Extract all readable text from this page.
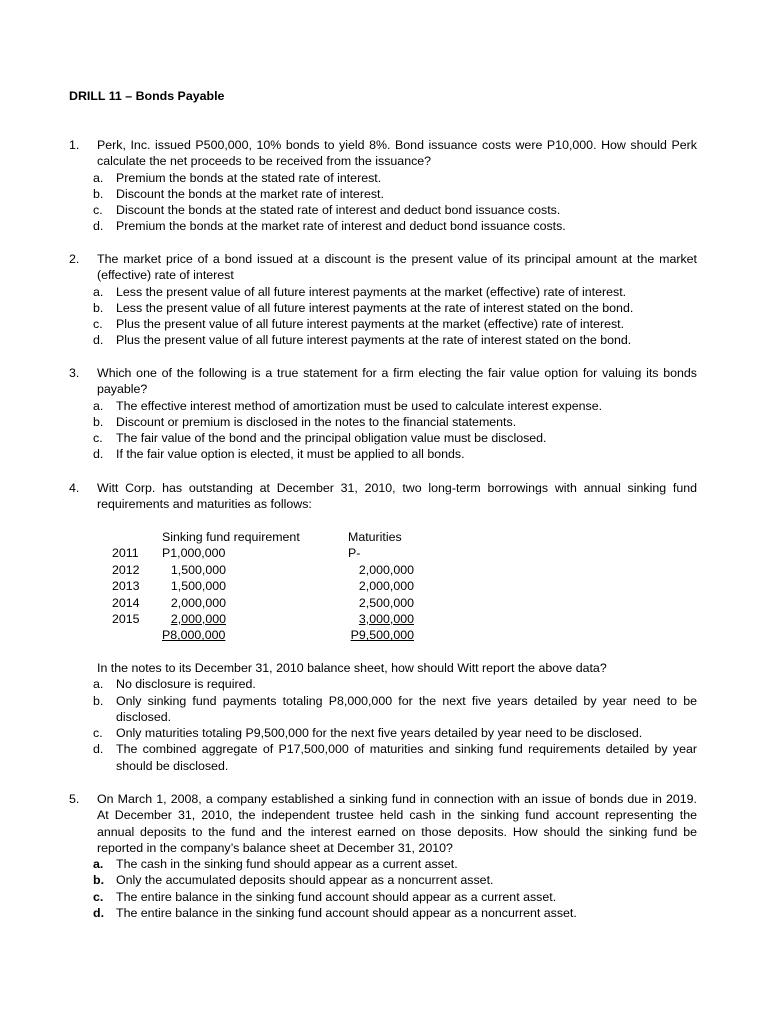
DRILL 11 – Bonds Payable
1.	Perk, Inc. issued P500,000, 10% bonds to yield 8%. Bond issuance costs were P10,000. How should Perk calculate the net proceeds to be received from the issuance?
a.	Premium the bonds at the stated rate of interest.
b.	Discount the bonds at the market rate of interest.
c.	Discount the bonds at the stated rate of interest and deduct bond issuance costs.
d.	Premium the bonds at the market rate of interest and deduct bond issuance costs.
2.	The market price of a bond issued at a discount is the present value of its principal amount at the market (effective) rate of interest
a.	Less the present value of all future interest payments at the market (effective) rate of interest.
b.	Less the present value of all future interest payments at the rate of interest stated on the bond.
c.	Plus the present value of all future interest payments at the market (effective) rate of interest.
d.	Plus the present value of all future interest payments at the rate of interest stated on the bond.
3.	Which one of the following is a true statement for a firm electing the fair value option for valuing its bonds payable?
a.	The effective interest method of amortization must be used to calculate interest expense.
b.	Discount or premium is disclosed in the notes to the financial statements.
c.	The fair value of the bond and the principal obligation value must be disclosed.
d.	If the fair value option is elected, it must be applied to all bonds.
4.	Witt Corp. has outstanding at December 31, 2010, two long-term borrowings with annual sinking fund requirements and maturities as follows:
	Sinking fund requirement	Maturities
2011	P1,000,000	P-
2012	1,500,000	2,000,000
2013	1,500,000	2,000,000
2014	2,000,000	2,500,000
2015	2,000,000	3,000,000
	P8,000,000	P9,500,000
In the notes to its December 31, 2010 balance sheet, how should Witt report the above data?
a.	No disclosure is required.
b.	Only sinking fund payments totaling P8,000,000 for the next five years detailed by year need to be disclosed.
c.	Only maturities totaling P9,500,000 for the next five years detailed by year need to be disclosed.
d.	The combined aggregate of P17,500,000 of maturities and sinking fund requirements detailed by year should be disclosed.
5.	On March 1, 2008, a company established a sinking fund in connection with an issue of bonds due in 2019. At December 31, 2010, the independent trustee held cash in the sinking fund account representing the annual deposits to the fund and the interest earned on those deposits. How should the sinking fund be reported in the company’s balance sheet at December 31, 2010?
a.	The cash in the sinking fund should appear as a current asset.
b. Only the accumulated deposits should appear as a noncurrent asset.
c.	The entire balance in the sinking fund account should appear as a current asset.
d. The entire balance in the sinking fund account should appear as a noncurrent asset.
